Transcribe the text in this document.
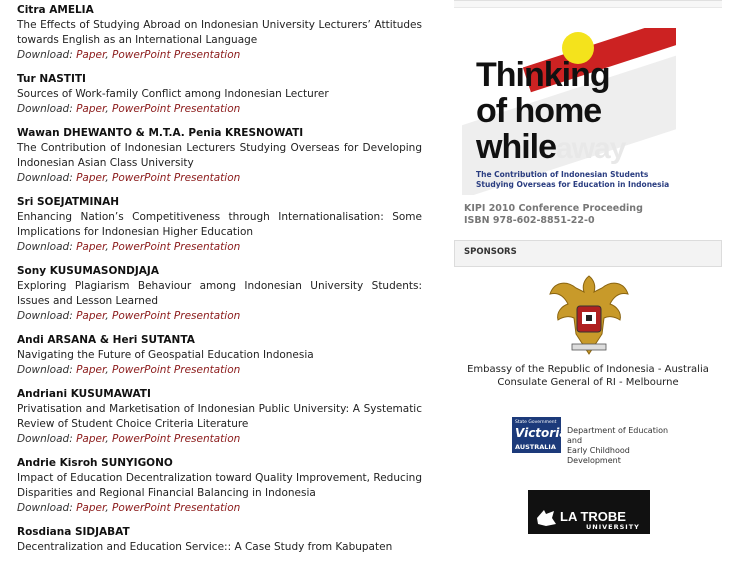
Citra AMELIA
The Effects of Studying Abroad on Indonesian University Lecturers’ Attitudes towards English as an International Language
Download: Paper, PowerPoint Presentation
Tur NASTITI
Sources of Work-family Conflict among Indonesian Lecturer
Download: Paper, PowerPoint Presentation
Wawan DHEWANTO & M.T.A. Penia KRESNOWATI
The Contribution of Indonesian Lecturers Studying Overseas for Developing Indonesian Asian Class University
Download: Paper, PowerPoint Presentation
Sri SOEJATMINAH
Enhancing Nation’s Competitiveness through Internationalisation: Some Implications for Indonesian Higher Education
Download: Paper, PowerPoint Presentation
Sony KUSUMASONDJAJA
Exploring Plagiarism Behaviour among Indonesian University Students: Issues and Lesson Learned
Download: Paper, PowerPoint Presentation
Andi ARSANA & Heri SUTANTA
Navigating the Future of Geospatial Education Indonesia
Download: Paper, PowerPoint Presentation
Andriani KUSUMAWATI
Privatisation and Marketisation of Indonesian Public University: A Systematic Review of Student Choice Criteria Literature
Download: Paper, PowerPoint Presentation
Andrie Kisroh SUNYIGONO
Impact of Education Decentralization toward Quality Improvement, Reducing Disparities and Regional Financial Balancing in Indonesia
Download: Paper, PowerPoint Presentation
Rosdiana SIDJABAT
Decentralization and Education Service:: A Case Study from Kabupaten
Thinking
of home
whileaway
The Contribution of Indonesian Students
Studying Overseas for Education in Indonesia
KIPI 2010 Conference Proceeding
ISBN 978-602-8851-22-0
SPONSORS
Embassy of the Republic of Indonesia - Australia
Consulate General of RI - Melbourne
State Government
Victoria
AUSTRALIA
Department of Education and
Early Childhood Development
LA TROBE
UNIVERSITY
